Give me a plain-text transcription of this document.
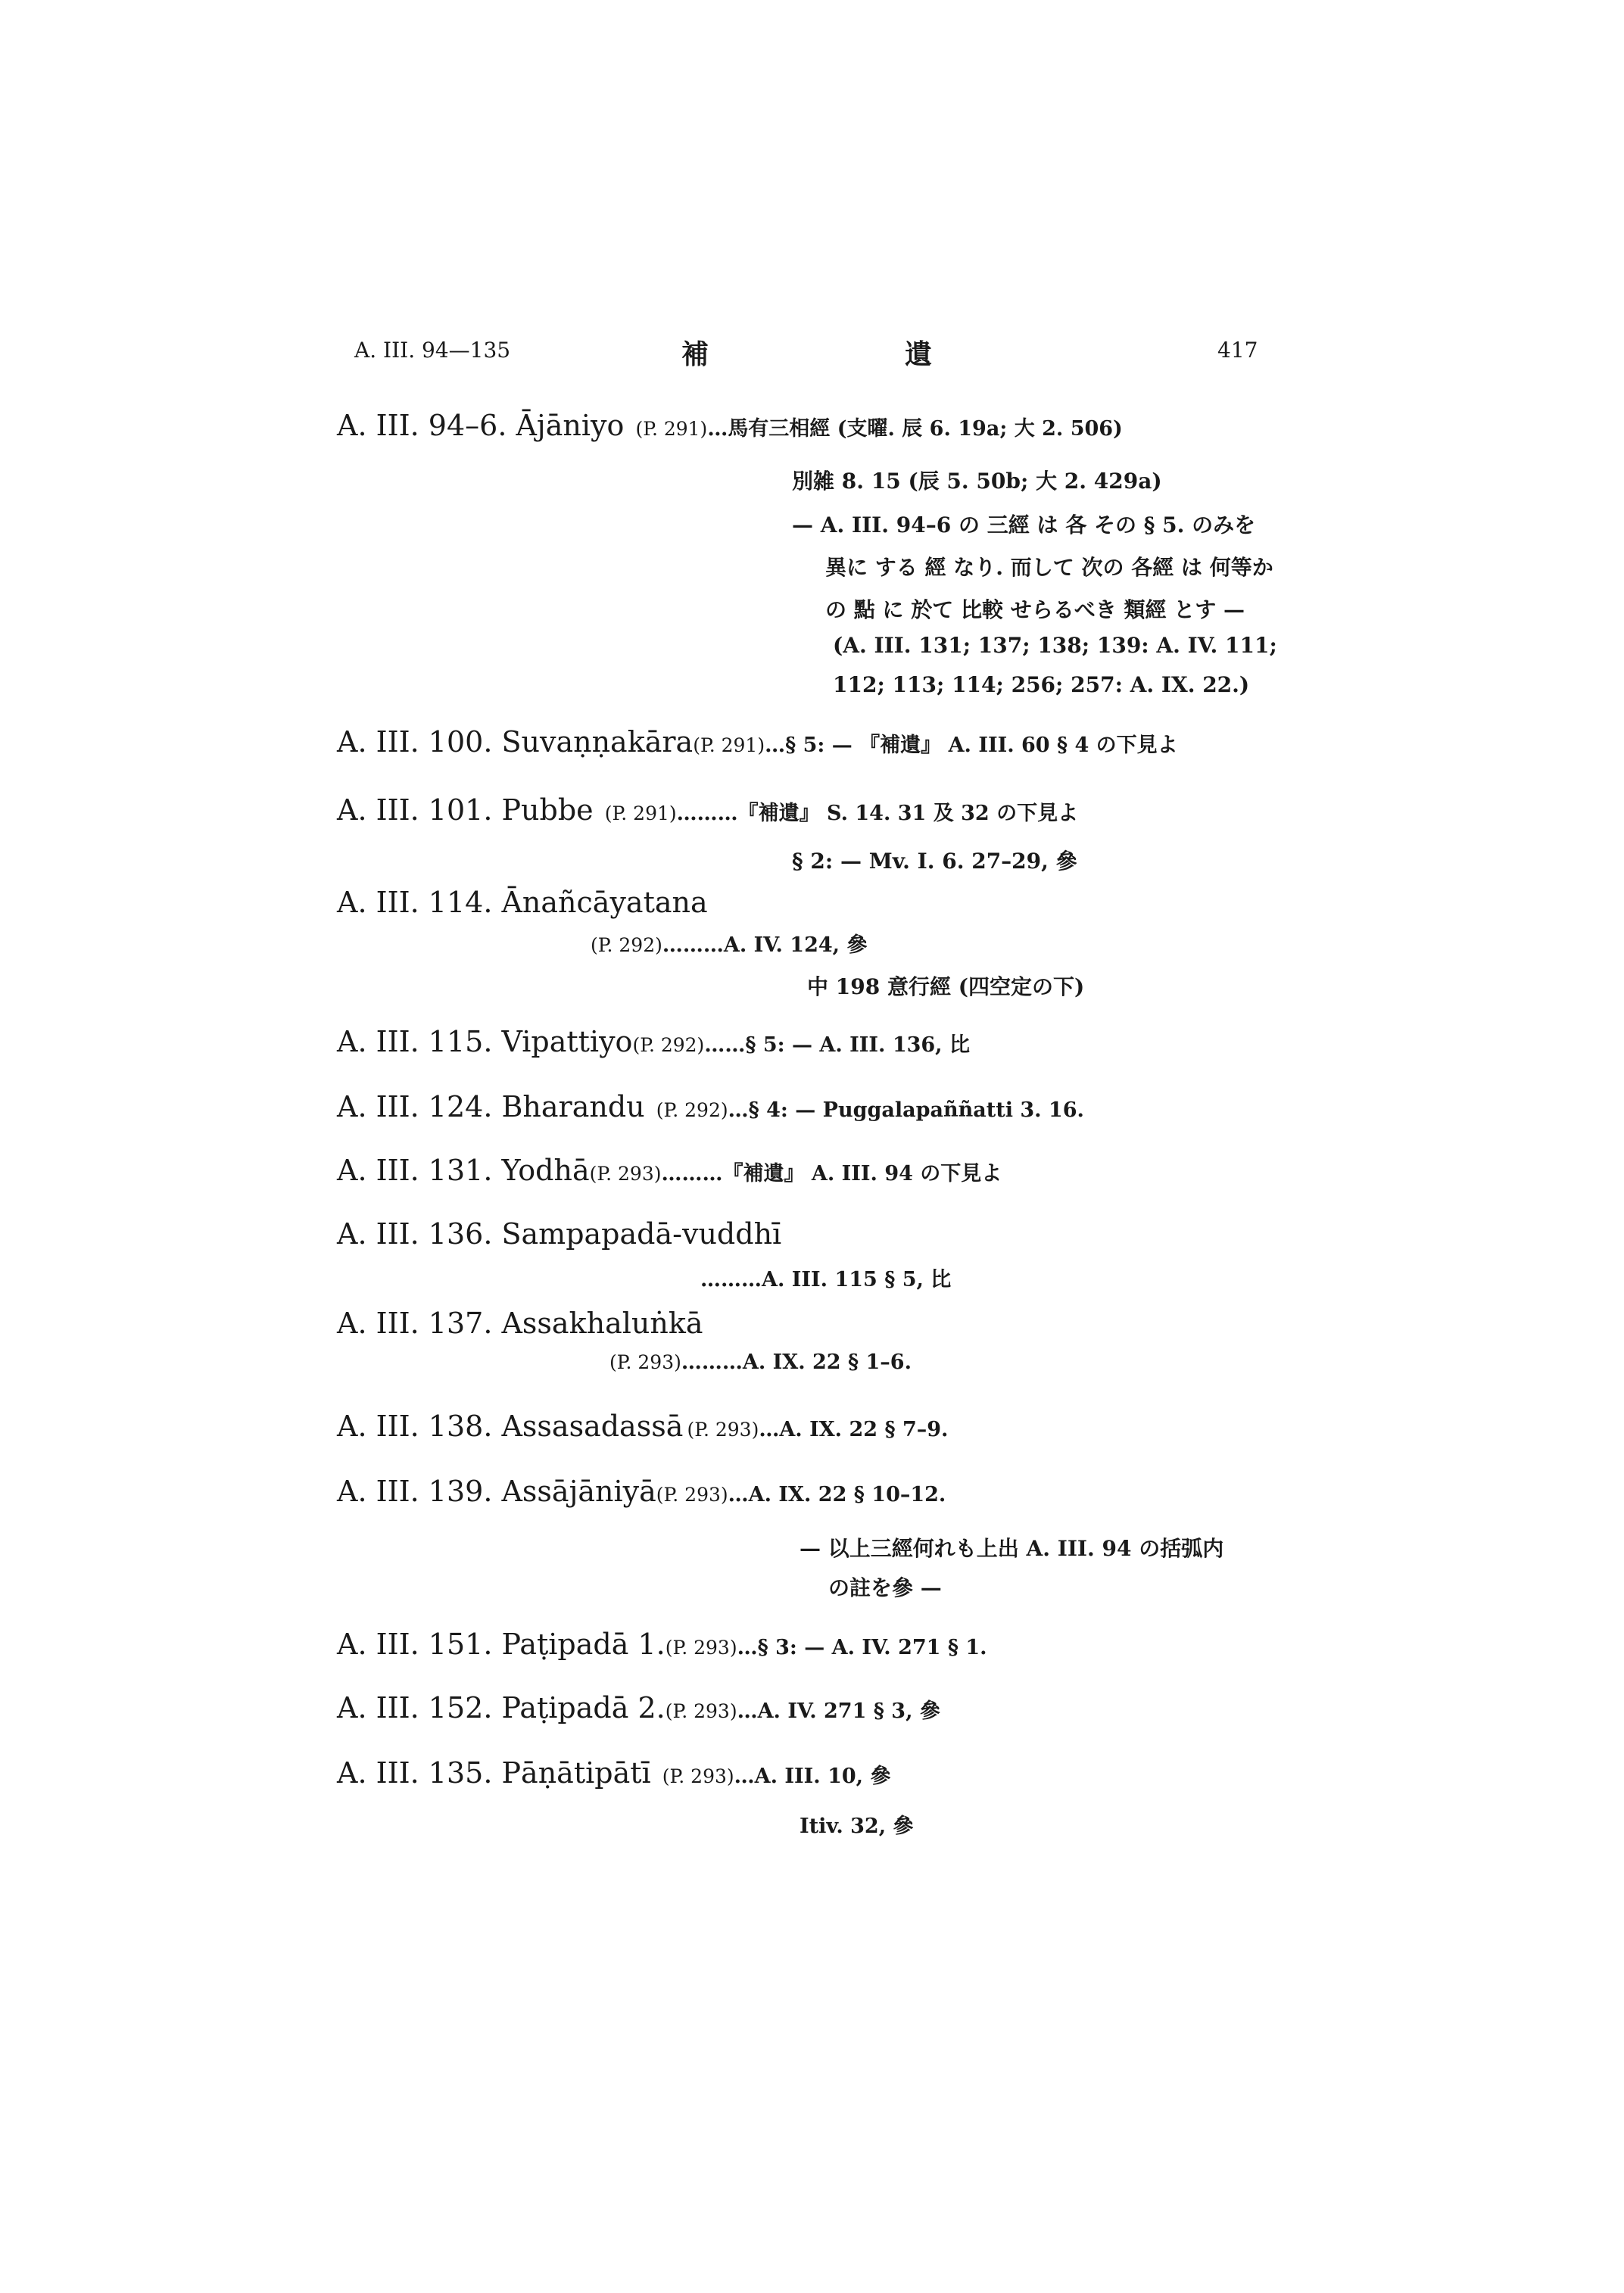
A. III. 94—135	補	遺	417
A. III. 94–6. Ājāniyo (P. 291)…馬有三相經 (支曜. 辰 6. 19a; 大 2. 506)
別雑 8. 15 (辰 5. 50b; 大 2. 429a)
— A. III. 94–6 の 三經 は 各 その § 5. のみを
異に する 經 なり. 而して 次の 各經 は 何等か
の 點 に 於て 比較 せらるべき 類經 とす —
(A. III. 131; 137; 138; 139: A. IV. 111;
112; 113; 114; 256; 257: A. IX. 22.)
A. III. 100. Suvaṇṇakāra(P. 291)…§ 5: — 『補遺』 A. III. 60 § 4 の下見よ
A. III. 101. Pubbe (P. 291)………『補遺』 S. 14. 31 及 32 の下見よ
§ 2: — Mv. I. 6. 27–29, 參
A. III. 114. Ānañcāyatana
(P. 292)………A. IV. 124, 參
中 198 意行經 (四空定の下)
A. III. 115. Vipattiyo(P. 292)……§ 5: — A. III. 136, 比
A. III. 124. Bharandu (P. 292)…§ 4: — Puggalapaññatti 3. 16.
A. III. 131. Yodhā(P. 293)………『補遺』 A. III. 94 の下見よ
A. III. 136. Sampapadā-vuddhī
………A. III. 115 § 5, 比
A. III. 137. Assakhaluṅkā
(P. 293)………A. IX. 22 § 1–6.
A. III. 138. Assasadassā (P. 293)…A. IX. 22 § 7–9.
A. III. 139. Assājāniyā(P. 293)…A. IX. 22 § 10–12.
— 以上三經何れも上出 A. III. 94 の括弧内
の註を參 —
A. III. 151. Paṭipadā 1.(P. 293)…§ 3: — A. IV. 271 § 1.
A. III. 152. Paṭipadā 2.(P. 293)…A. IV. 271 § 3, 參
A. III. 135. Pāṇātipātī (P. 293)…A. III. 10, 參
Itiv. 32, 參
